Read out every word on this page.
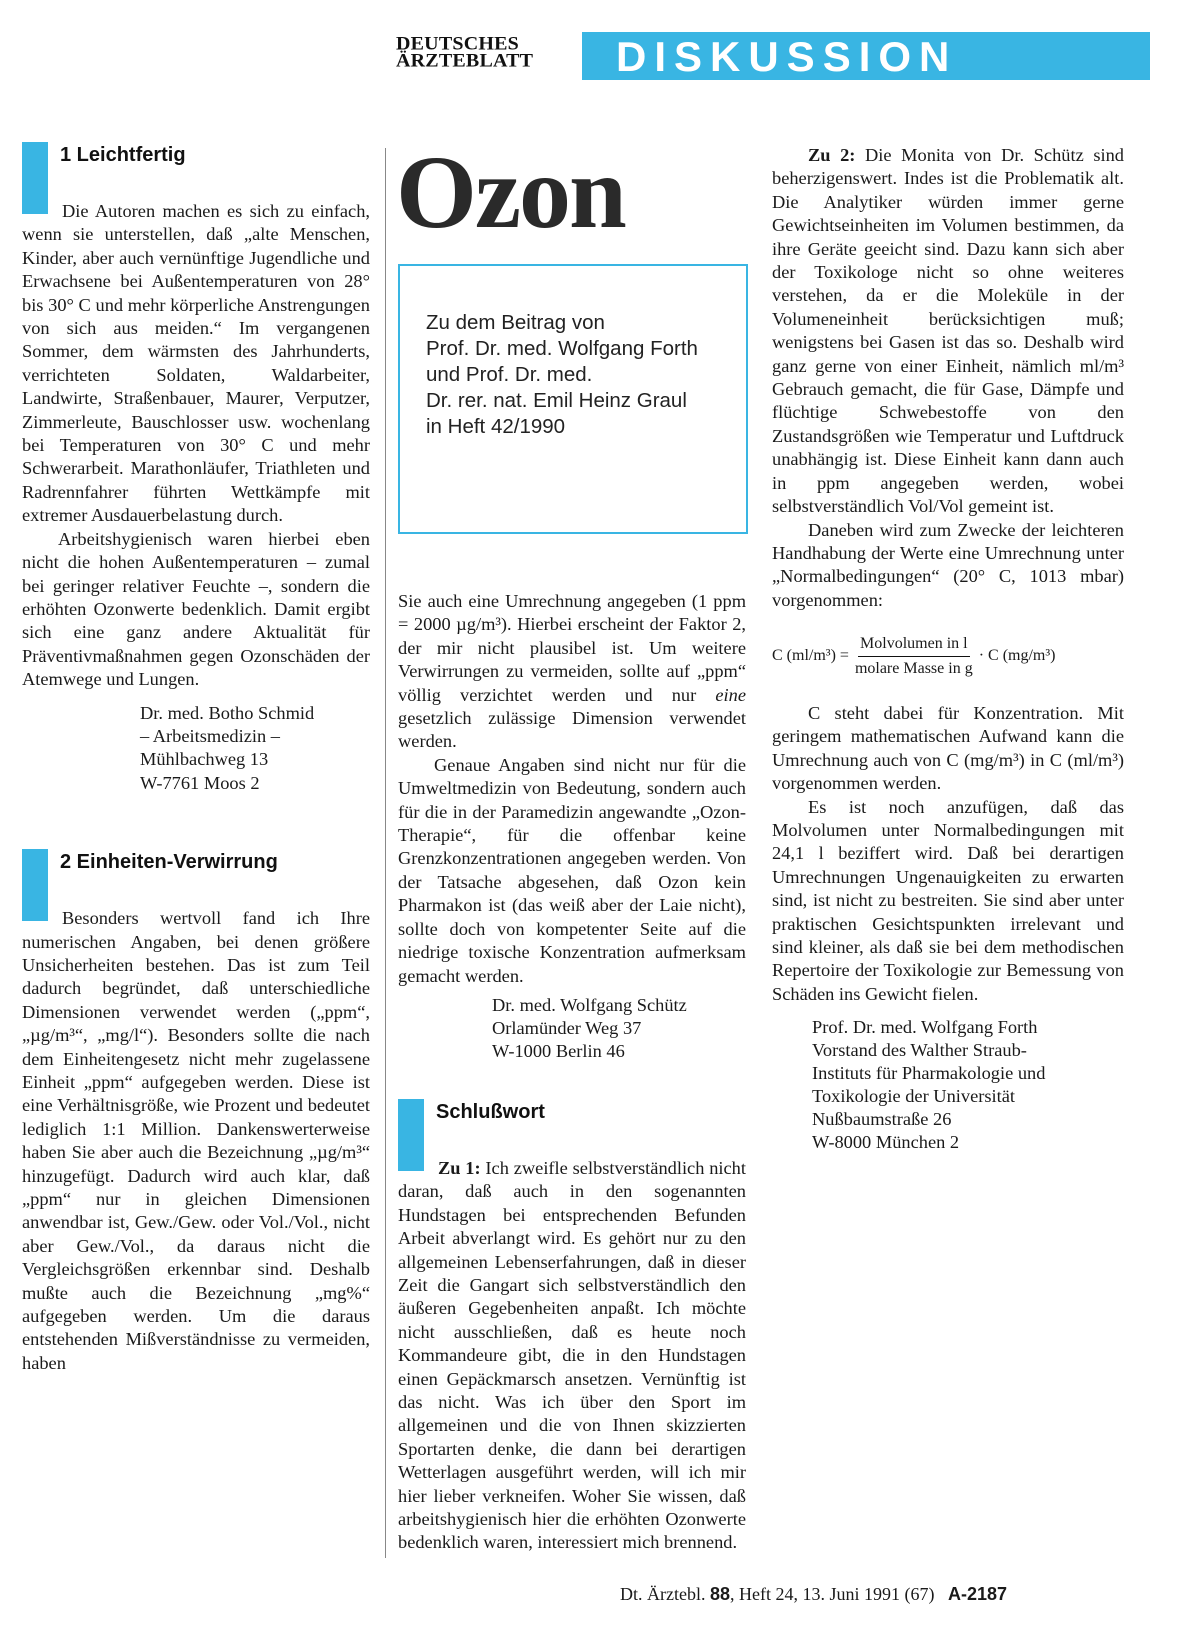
DEUTSCHES
ÄRZTEBLATT	DISKUSSION
1 Leichtfertig

Die Autoren machen es sich zu einfach, wenn sie unterstellen, daß „alte Menschen, Kinder, aber auch vernünftige Jugendliche und Erwachsene bei Außentemperaturen von 28° bis 30° C und mehr körperliche Anstrengungen von sich aus meiden.“ Im vergangenen Sommer, dem wärmsten des Jahrhunderts, verrichteten Soldaten, Waldarbeiter, Landwirte, Straßenbauer, Maurer, Verputzer, Zimmerleute, Bauschlosser usw. wochenlang bei Temperaturen von 30° C und mehr Schwerarbeit. Marathonläufer, Triathleten und Radrennfahrer führten Wettkämpfe mit extremer Ausdauerbelastung durch.

Arbeitshygienisch waren hierbei eben nicht die hohen Außentemperaturen – zumal bei geringer relativer Feuchte –, sondern die erhöhten Ozonwerte bedenklich. Damit ergibt sich eine ganz andere Aktualität für Präventivmaßnahmen gegen Ozonschäden der Atemwege und Lungen.

Dr. med. Botho Schmid
– Arbeitsmedizin –
Mühlbachweg 13
W-7761 Moos 2

2 Einheiten-Verwirrung

Besonders wertvoll fand ich Ihre numerischen Angaben, bei denen größere Unsicherheiten bestehen. Das ist zum Teil dadurch begründet, daß unterschiedliche Dimensionen verwendet werden („ppm“, „µg/m³“, „mg/l“). Besonders sollte die nach dem Einheitengesetz nicht mehr zugelassene Einheit „ppm“ aufgegeben werden. Diese ist eine Verhältnisgröße, wie Prozent und bedeutet lediglich 1:1 Million. Dankenswerterweise haben Sie aber auch die Bezeichnung „µg/m³“ hinzugefügt. Dadurch wird auch klar, daß „ppm“ nur in gleichen Dimensionen anwendbar ist, Gew./Gew. oder Vol./Vol., nicht aber Gew./Vol., da daraus nicht die Vergleichsgrößen erkennbar sind. Deshalb mußte auch die Bezeichnung „mg%“ aufgegeben werden. Um die daraus entstehenden Mißverständnisse zu vermeiden, haben

Ozon
Zu dem Beitrag von
Prof. Dr. med. Wolfgang Forth
und Prof. Dr. med.
Dr. rer. nat. Emil Heinz Graul
in Heft 42/1990

Sie auch eine Umrechnung angegeben (1 ppm = 2000 µg/m³). Hierbei erscheint der Faktor 2, der mir nicht plausibel ist. Um weitere Verwirrungen zu vermeiden, sollte auf „ppm“ völlig verzichtet werden und nur eine gesetzlich zulässige Dimension verwendet werden.

Genaue Angaben sind nicht nur für die Umweltmedizin von Bedeutung, sondern auch für die in der Paramedizin angewandte „Ozon-Therapie“, für die offenbar keine Grenzkonzentrationen angegeben werden. Von der Tatsache abgesehen, daß Ozon kein Pharmakon ist (das weiß aber der Laie nicht), sollte doch von kompetenter Seite auf die niedrige toxische Konzentration aufmerksam gemacht werden.

Dr. med. Wolfgang Schütz
Orlamünder Weg 37
W-1000 Berlin 46
Schlußwort

Zu 1: Ich zweifle selbstverständlich nicht daran, daß auch in den sogenannten Hundstagen bei entsprechenden Befunden Arbeit abverlangt wird. Es gehört nur zu den allgemeinen Lebenserfahrungen, daß in dieser Zeit die Gangart sich selbstverständlich den äußeren Gegebenheiten anpaßt. Ich möchte nicht ausschließen, daß es heute noch Kommandeure gibt, die in den Hundstagen einen Gepäckmarsch ansetzen. Vernünftig ist das nicht. Was ich über den Sport im allgemeinen und die von Ihnen skizzierten Sportarten denke, die dann bei derartigen Wetterlagen ausgeführt werden, will ich mir hier lieber verkneifen. Woher Sie wissen, daß arbeitshygienisch hier die erhöhten Ozonwerte bedenklich waren, interessiert mich brennend.

Zu 2: Die Monita von Dr. Schütz sind beherzigenswert. Indes ist die Problematik alt. Die Analytiker würden immer gerne Gewichtseinheiten im Volumen bestimmen, da ihre Geräte geeicht sind. Dazu kann sich aber der Toxikologe nicht so ohne weiteres verstehen, da er die Moleküle in der Volumeneinheit berücksichtigen muß; wenigstens bei Gasen ist das so. Deshalb wird ganz gerne von einer Einheit, nämlich ml/m³ Gebrauch gemacht, die für Gase, Dämpfe und flüchtige Schwebestoffe von den Zustandsgrößen wie Temperatur und Luftdruck unabhängig ist. Diese Einheit kann dann auch in ppm angegeben werden, wobei selbstverständlich Vol/Vol gemeint ist.

Daneben wird zum Zwecke der leichteren Handhabung der Werte eine Umrechnung unter „Normalbedingungen“ (20° C, 1013 mbar) vorgenommen:

C $(ml/m^3) = \frac{\text{Molvolumen in l}}{\text{molare Masse in g}} \cdot C$ (mg/m³)

C steht dabei für Konzentration. Mit geringem mathematischen Aufwand kann die Umrechnung auch von C (mg/m³) in C (ml/m³) vorgenommen werden.

Es ist noch anzufügen, daß das Molvolumen unter Normalbedingungen mit 24,1 l beziffert wird. Daß bei derartigen Umrechnungen Ungenauigkeiten zu erwarten sind, ist nicht zu bestreiten. Sie sind aber unter praktischen Gesichtspunkten irrelevant und sind kleiner, als daß sie bei dem methodischen Repertoire der Toxikologie zur Bemessung von Schäden ins Gewicht fielen.

Prof. Dr. med. Wolfgang Forth
Vorstand des Walther Straub-
Instituts für Pharmakologie und
Toxikologie der Universität
Nußbaumstraße 26
W-8000 München 2
Dt. Ärztebl. 88, Heft 24, 13. Juni 1991 (67) A-2187
